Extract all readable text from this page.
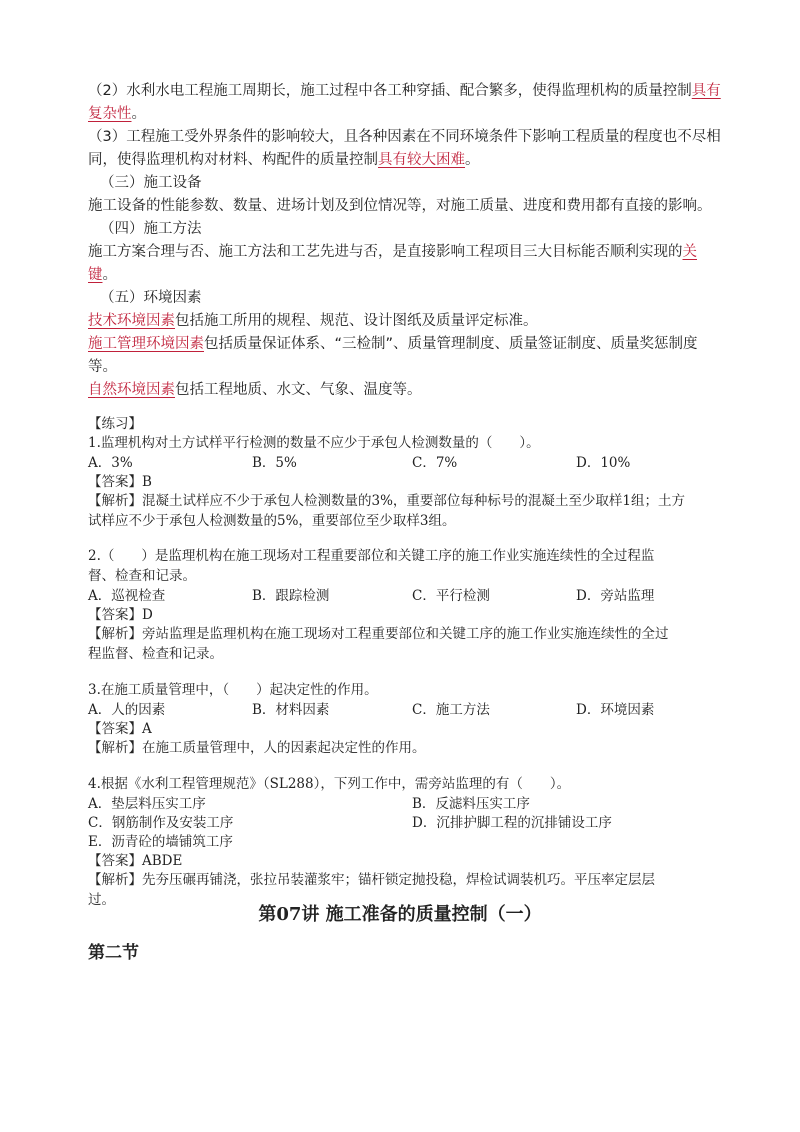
（2）水利水电工程施工周期长，施工过程中各工种穿插、配合繁多，使得监理机构的质量控制具有
复杂性。
（3）工程施工受外界条件的影响较大，且各种因素在不同环境条件下影响工程质量的程度也不尽相
同，使得监理机构对材料、构配件的质量控制具有较大困难。
（三）施工设备
施工设备的性能参数、数量、进场计划及到位情况等，对施工质量、进度和费用都有直接的影响。
（四）施工方法
施工方案合理与否、施工方法和工艺先进与否，是直接影响工程项目三大目标能否顺利实现的关
键。
（五）环境因素
技术环境因素包括施工所用的规程、规范、设计图纸及质量评定标准。
施工管理环境因素包括质量保证体系、“三检制”、质量管理制度、质量签证制度、质量奖惩制度
等。
自然环境因素包括工程地质、水文、气象、温度等。
【练习】
1.监理机构对土方试样平行检测的数量不应少于承包人检测数量的（　　）。
A．3%	B．5%	C．7%	D．10%
【答案】B
【解析】混凝土试样应不少于承包人检测数量的3%，重要部位每种标号的混凝土至少取样1组；土方
试样应不少于承包人检测数量的5%，重要部位至少取样3组。
2.（　　）是监理机构在施工现场对工程重要部位和关键工序的施工作业实施连续性的全过程监
督、检查和记录。
A．巡视检查	B．跟踪检测	C．平行检测	D．旁站监理
【答案】D
【解析】旁站监理是监理机构在施工现场对工程重要部位和关键工序的施工作业实施连续性的全过
程监督、检查和记录。
3.在施工质量管理中，（　　）起决定性的作用。
A．人的因素	B．材料因素	C．施工方法	D．环境因素
【答案】A
【解析】在施工质量管理中，人的因素起决定性的作用。
4.根据《水利工程管理规范》（SL288），下列工作中，需旁站监理的有（　　）。
A．垫层料压实工序	B．反滤料压实工序
C．钢筋制作及安装工序	D．沉排护脚工程的沉排铺设工序
E．沥青砼的墙铺筑工序
【答案】ABDE
【解析】先夯压碾再铺浇，张拉吊装灌浆牢；锚杆锁定抛投稳，焊检试调装机巧。平压率定层层
过。
第07讲 施工准备的质量控制（一）
第二节
